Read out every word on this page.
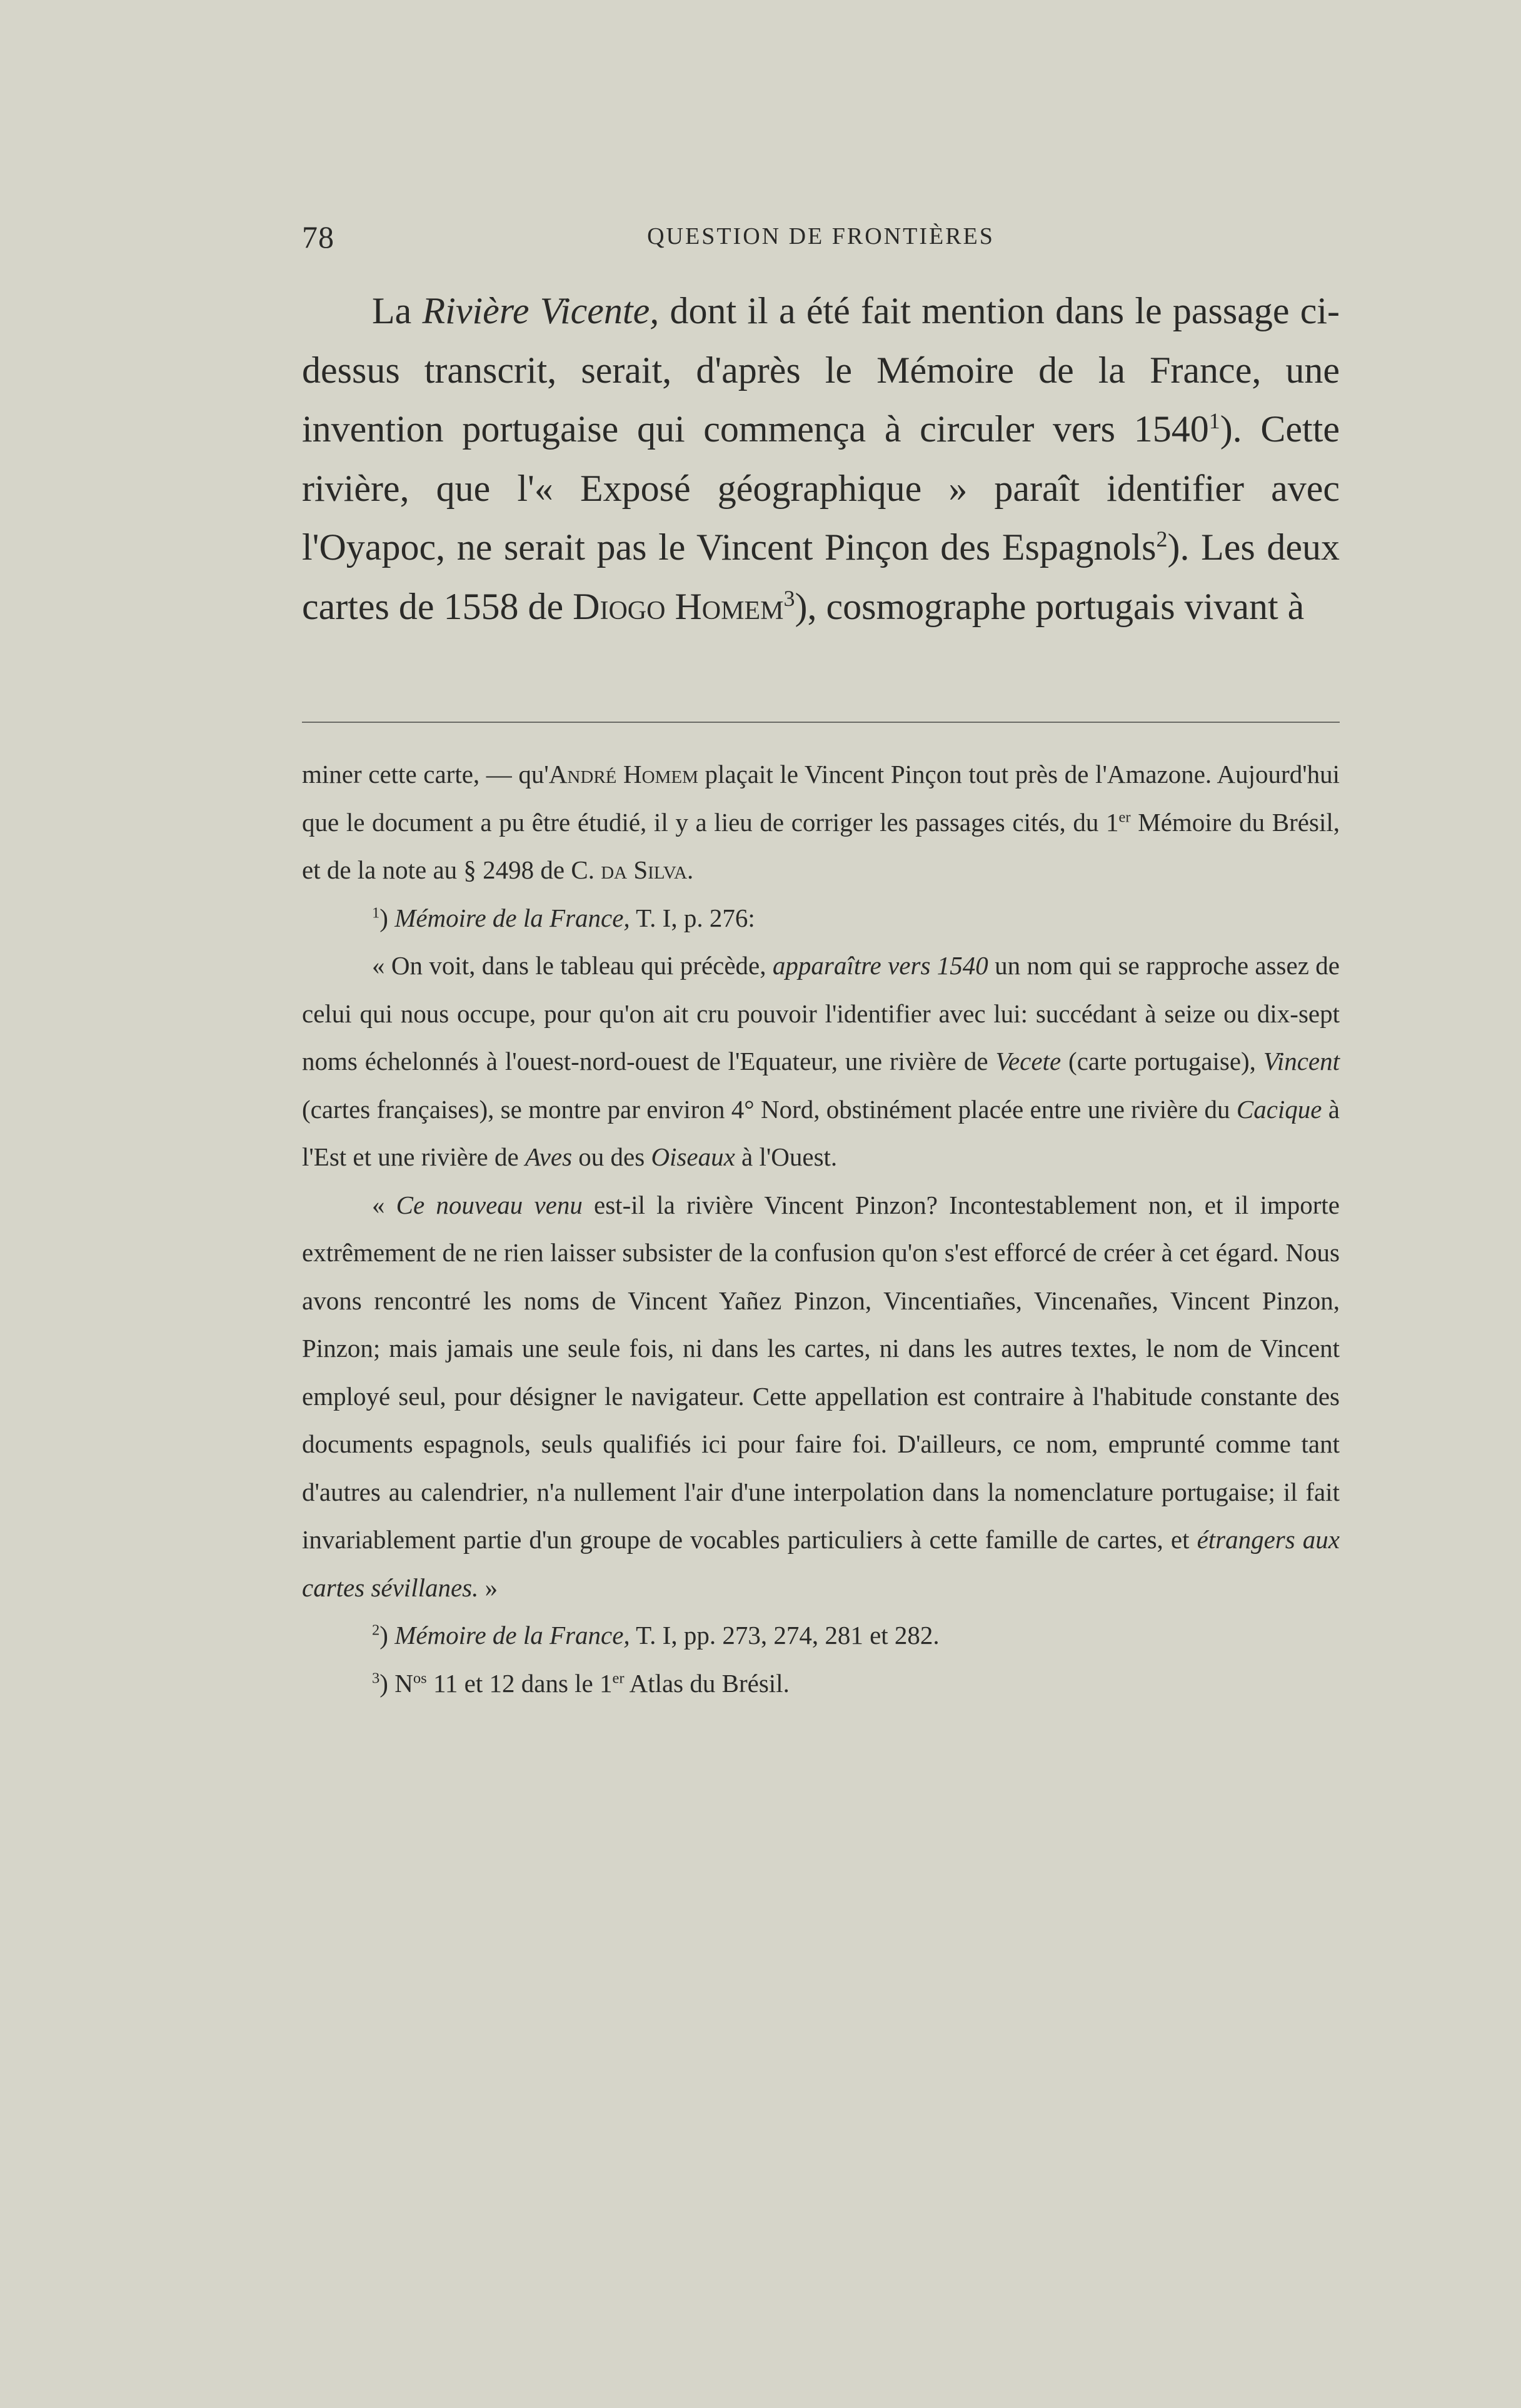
78	QUESTION DE FRONTIÈRES

La Rivière Vicente, dont il a été fait mention dans le passage ci-dessus transcrit, serait, d'après le Mémoire de la France, une invention portugaise qui commença à circuler vers 1540$^1$). Cette rivière, que l'« Exposé géographique » paraît identifier avec l'Oyapoc, ne serait pas le Vincent Pinçon des Espagnols$^2$). Les deux cartes de 1558 de Diogo Homem$^3$), cosmographe portugais vivant à

miner cette carte, — qu'André Homem plaçait le Vincent Pinçon tout près de l'Amazone. Aujourd'hui que le document a pu être étudié, il y a lieu de corriger les passages cités, du 1er Mémoire du Brésil, et de la note au § 2498 de C. da Silva.

$^1$) Mémoire de la France, T. I, p. 276:

« On voit, dans le tableau qui précède, apparaître vers 1540 un nom qui se rapproche assez de celui qui nous occupe, pour qu'on ait cru pouvoir l'identifier avec lui: succédant à seize ou dix-sept noms échelonnés à l'ouest-nord-ouest de l'Equateur, une rivière de Vecete (carte portugaise), Vincent (cartes françaises), se montre par environ 4° Nord, obstinément placée entre une rivière du Cacique à l'Est et une rivière de Aves ou des Oiseaux à l'Ouest.

« Ce nouveau venu est-il la rivière Vincent Pinzon? Incontestablement non, et il importe extrêmement de ne rien laisser subsister de la confusion qu'on s'est efforcé de créer à cet égard. Nous avons rencontré les noms de Vincent Yañez Pinzon, Vincentiañes, Vincenañes, Vincent Pinzon, Pinzon; mais jamais une seule fois, ni dans les cartes, ni dans les autres textes, le nom de Vincent employé seul, pour désigner le navigateur. Cette appellation est contraire à l'habitude constante des documents espagnols, seuls qualifiés ici pour faire foi. D'ailleurs, ce nom, emprunté comme tant d'autres au calendrier, n'a nullement l'air d'une interpolation dans la nomenclature portugaise; il fait invariablement partie d'un groupe de vocables particuliers à cette famille de cartes, et étrangers aux cartes sévillanes. »

$^2$) Mémoire de la France, T. I, pp. 273, 274, 281 et 282.

$^3$) $N^{os}$ 11 et 12 dans le 1er Atlas du Brésil.
